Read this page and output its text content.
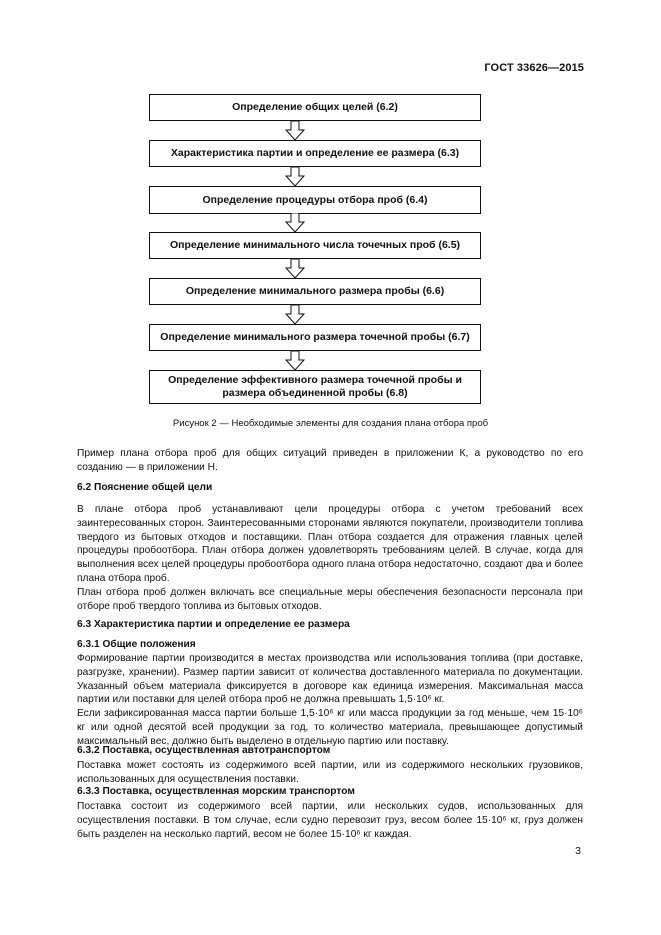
ГОСТ 33626—2015
Определение общих целей (6.2)
Характеристика партии и определение ее размера (6.3)
Определение процедуры отбора проб (6.4)
Определение минимального числа точечных проб (6.5)
Определение минимального размера пробы (6.6)
Определение минимального размера точечной пробы (6.7)
Определение эффективного размера точечной пробы и размера объединенной пробы (6.8)
Рисунок 2 — Необходимые элементы для создания плана отбора проб

Пример плана отбора проб для общих ситуаций приведен в приложении К, а руководство по его созданию — в приложении Н.

6.2 Пояснение общей цели

В плане отбора проб устанавливают цели процедуры отбора с учетом требований всех заинтересованных сторон. Заинтересованными сторонами являются покупатели, производители топлива твердого из бытовых отходов и поставщики. План отбора создается для отражения главных целей процедуры пробоотбора. План отбора должен удовлетворять требованиям целей. В случае, когда для выполнения всех целей процедуры пробоотбора одного плана отбора недостаточно, создают два и более плана отбора проб.

План отбора проб должен включать все специальные меры обеспечения безопасности персонала при отборе проб твердого топлива из бытовых отходов.

6.3 Характеристика партии и определение ее размера
6.3.1 Общие положения

Формирование партии производится в местах производства или использования топлива (при доставке, разгрузке, хранении). Размер партии зависит от количества доставленного материала по документации. Указанный объем материала фиксируется в договоре как единица измерения. Максимальная масса партии или поставки для целей отбора проб не должна превышать 1,5·10⁶ кг.

Если зафиксированная масса партии больше 1,5·10⁶ кг или масса продукции за год меньше, чем 15·10⁶ кг или одной десятой всей продукции за год, то количество материала, превышающее допустимый максимальный вес, должно быть выделено в отдельную партию или поставку.

6.3.2 Поставка, осуществленная автотранспортом

Поставка может состоять из содержимого всей партии, или из содержимого нескольких грузовиков, использованных для осуществления поставки.

6.3.3 Поставка, осуществленная морским транспортом

Поставка состоит из содержимого всей партии, или нескольких судов, использованных для осуществления поставки. В том случае, если судно перевозит груз, весом более 15·10⁶ кг, груз должен быть разделен на несколько партий, весом не более 15·10⁶ кг каждая.

3
